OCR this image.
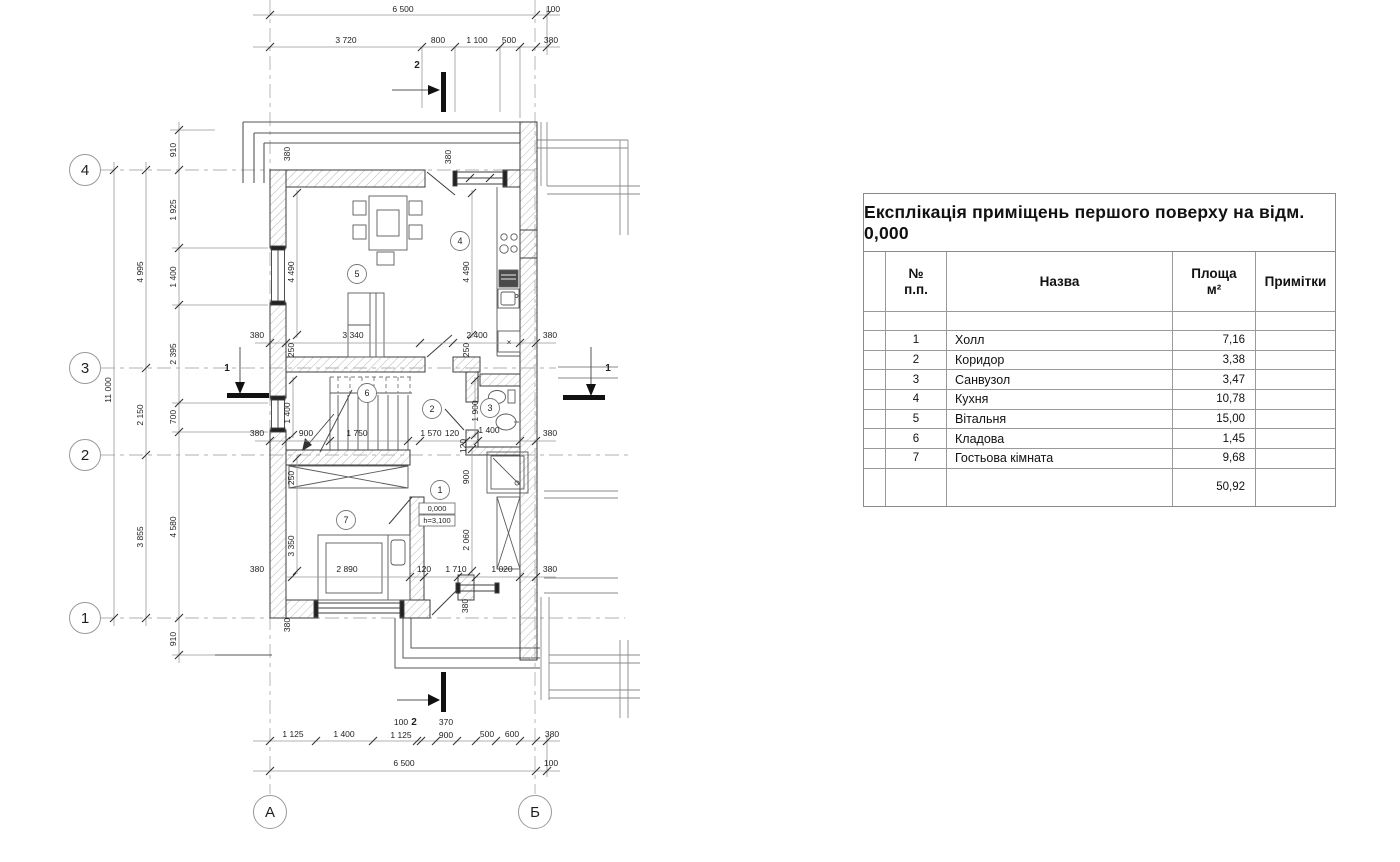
6 500	100
3 720	800	1 100 500	380
1 125	1 400
100
1 125
370
900	500 600	380
6 500	100
910
1 925
1 400
2 395
700
4 580
910
4 995
2 150
3 855
11 000
380	3 340	2 400	380
380	900	1 750	1 570 120 1 400	380
380	2 890	120 1 710	1 020	380
4 490	4 490
250	250
1 400	1 900
120
250	900
2 060
3 350
380	380
380
380
2
2
1	1
1
2	3
4
5
6
7
0,000
h=3,100
×
4
3
2
1
А	Б
Експлікація приміщень першого поверху на відм. 0,000
№
п.п.
Назва
Площа
м²
Примітки
1	Холл	7,16
2	Коридор	3,38
3	Санвузол	3,47
4	Кухня	10,78
5	Вітальня	15,00
6	Кладова	1,45
7	Гостьова кімната	9,68
50,92
